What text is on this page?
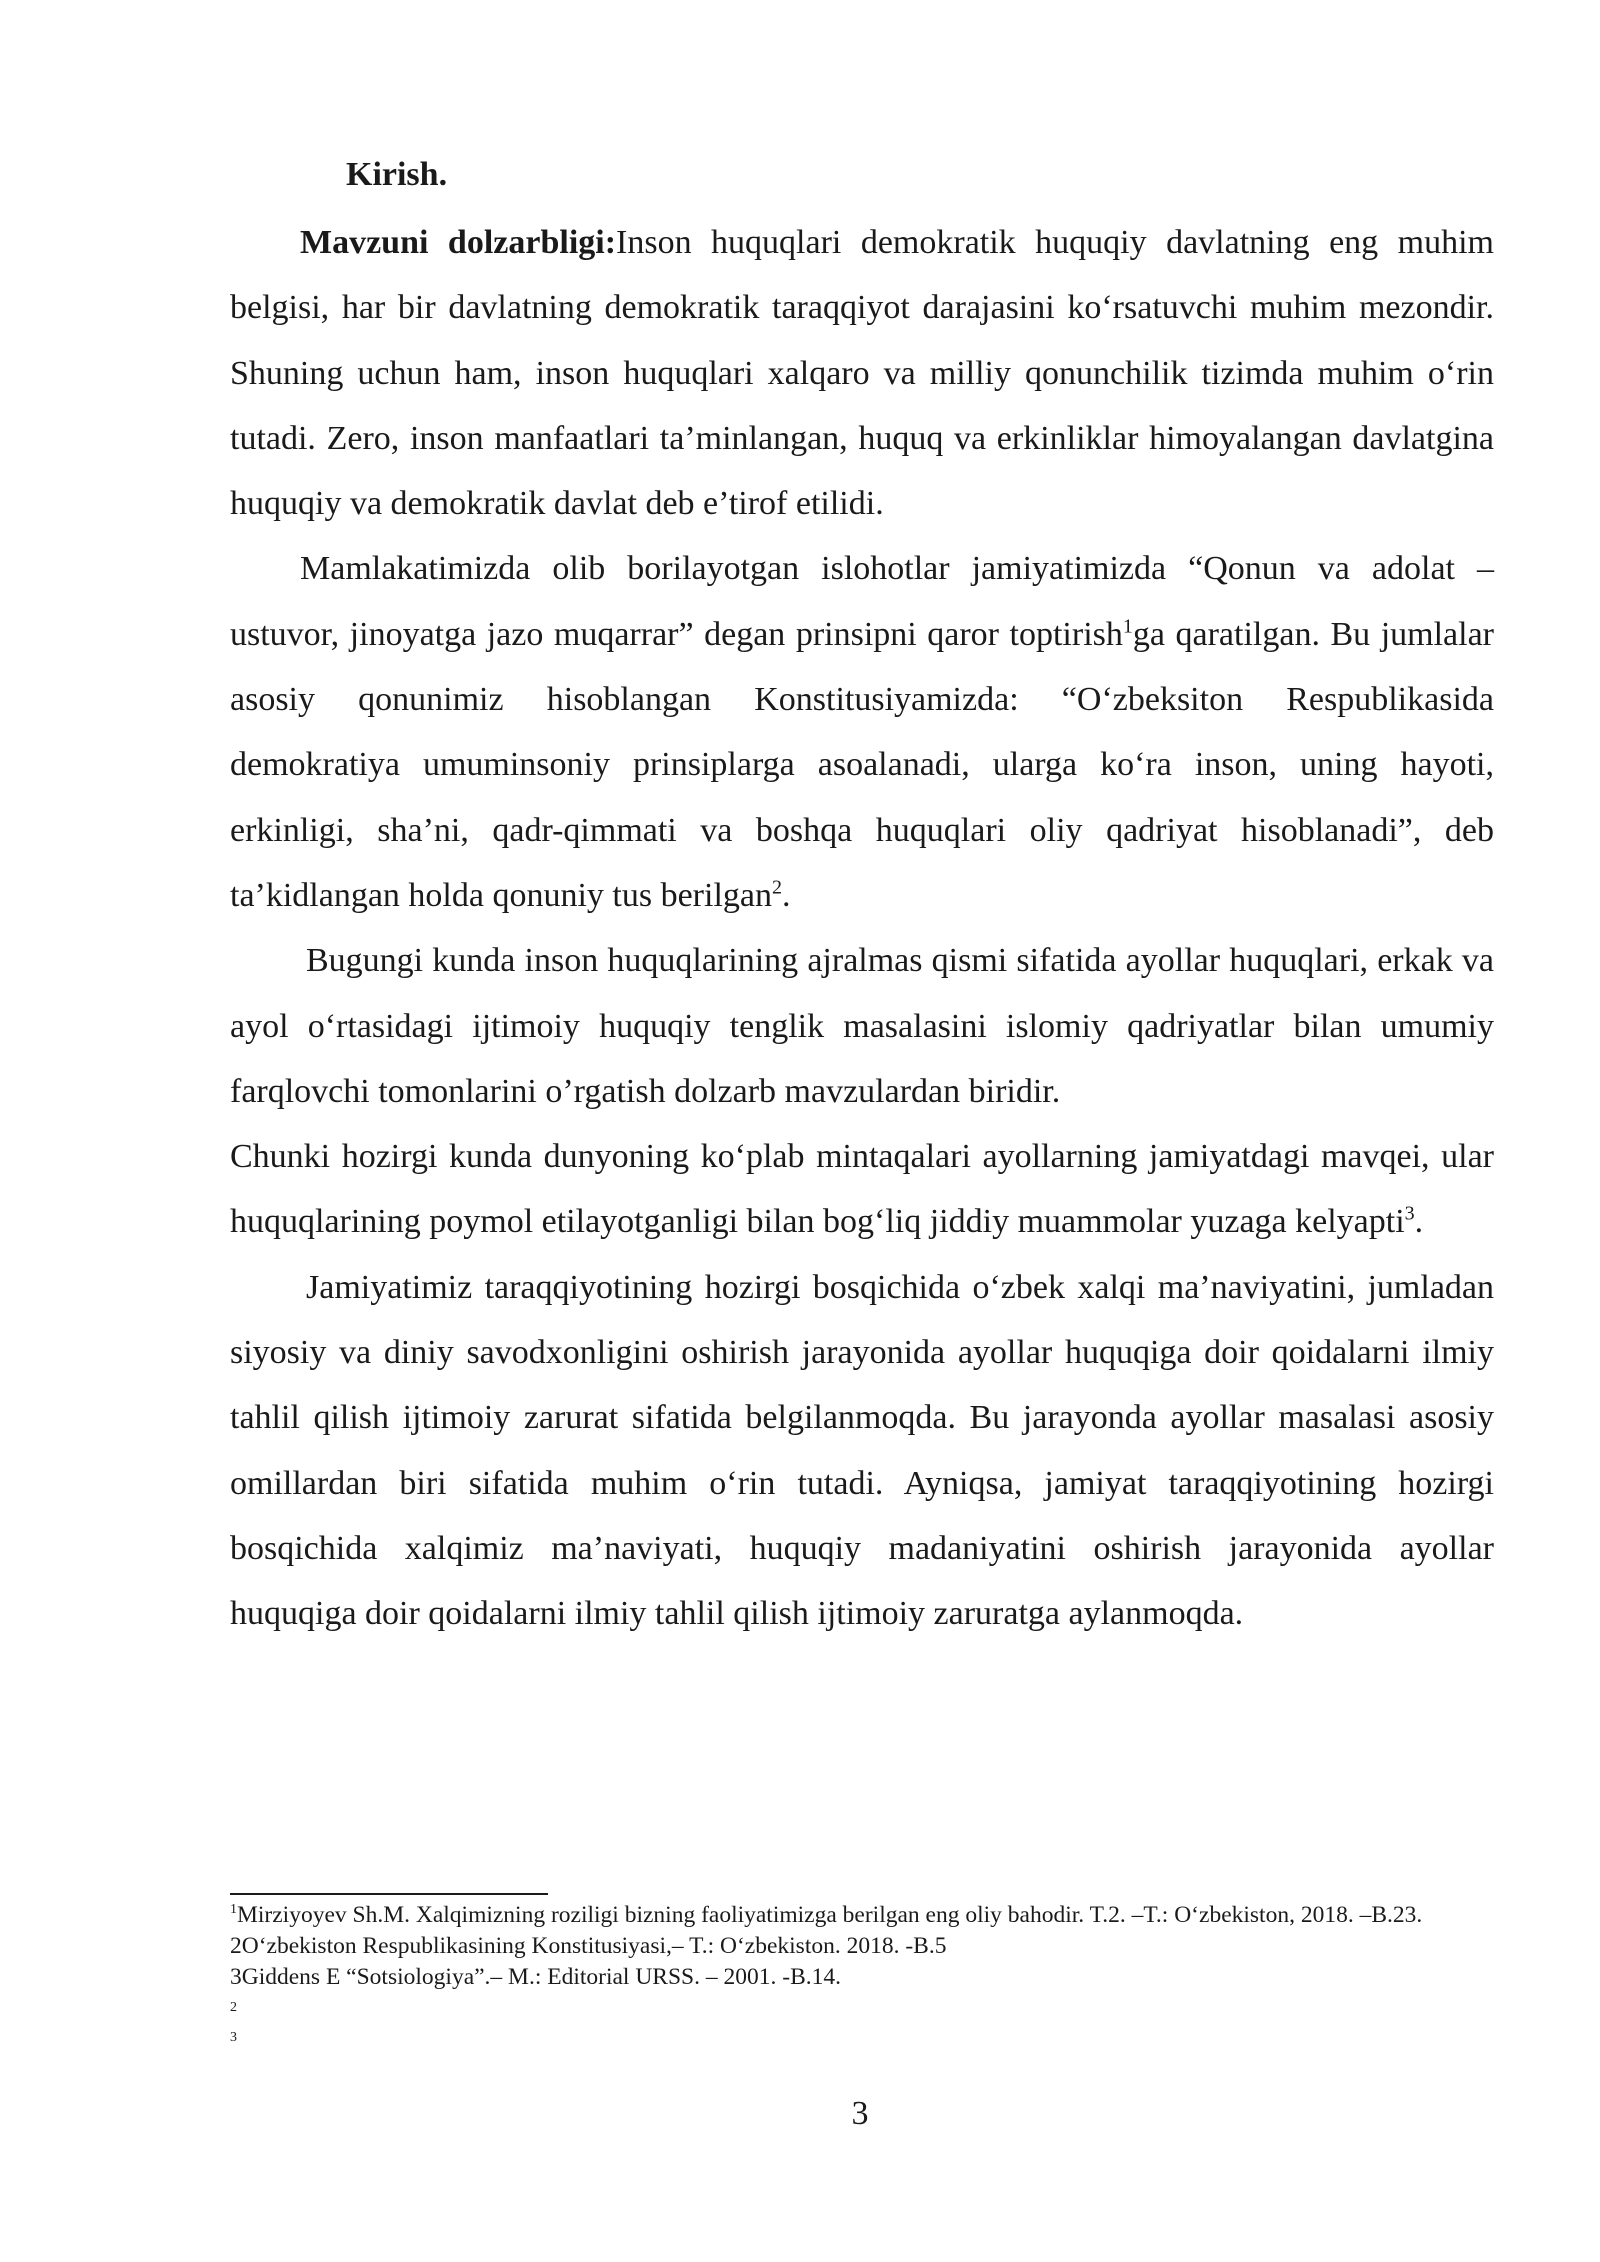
Kirish.

Mavzuni dolzarbligi:Inson huquqlari demokratik huquqiy davlatning eng muhim belgisi, har bir davlatning demokratik taraqqiyot darajasini ko‘rsatuvchi muhim mezondir. Shuning uchun ham, inson huquqlari xalqaro va milliy qonunchilik tizimda muhim o‘rin tutadi. Zero, inson manfaatlari ta’minlangan, huquq va erkinliklar himoyalangan davlatgina huquqiy va demokratik davlat deb e’tirof etilidi.

Mamlakatimizda olib borilayotgan islohotlar jamiyatimizda “Qonun va adolat – ustuvor, jinoyatga jazo muqarrar” degan prinsipni qaror toptirish$^1$ga qaratilgan. Bu jumlalar asosiy qonunimiz hisoblangan Konstitusiyamizda: “O‘zbeksiton Respublikasida demokratiya umuminsoniy prinsiplarga asoalanadi, ularga ko‘ra inson, uning hayoti, erkinligi, sha’ni, qadr-qimmati va boshqa huquqlari oliy qadriyat hisoblanadi”, deb ta’kidlangan holda qonuniy tus berilgan$^2$.

Bugungi kunda inson huquqlarining ajralmas qismi sifatida ayollar huquqlari, erkak va ayol o‘rtasidagi ijtimoiy huquqiy tenglik masalasini islomiy qadriyatlar bilan umumiy farqlovchi tomonlarini o’rgatish dolzarb mavzulardan biridir.

Chunki hozirgi kunda dunyoning ko‘plab mintaqalari ayollarning jamiyatdagi mavqei, ular huquqlarining poymol etilayotganligi bilan bog‘liq jiddiy muammolar yuzaga kelyapti$^3$.

Jamiyatimiz taraqqiyotining hozirgi bosqichida o‘zbek xalqi ma’naviyatini, jumladan siyosiy va diniy savodxonligini oshirish jarayonida ayollar huquqiga doir qoidalarni ilmiy tahlil qilish ijtimoiy zarurat sifatida belgilanmoqda. Bu jarayonda ayollar masalasi asosiy omillardan biri sifatida muhim o‘rin tutadi. Ayniqsa, jamiyat taraqqiyotining hozirgi bosqichida xalqimiz ma’naviyati, huquqiy madaniyatini oshirish jarayonida ayollar huquqiga doir qoidalarni ilmiy tahlil qilish ijtimoiy zaruratga aylanmoqda.

$^1$Mirziyoyev Sh.M. Xalqimizning roziligi bizning faoliyatimizga berilgan eng oliy bahodir. T.2. –T.: O‘zbekiston, 2018. –B.23.

2O‘zbekiston Respublikasining Konstitusiyasi,– T.: O‘zbekiston. 2018. -B.5

3Giddens E “Sotsiologiya”.– M.: Editorial URSS. – 2001. -B.14.

2

3

3
